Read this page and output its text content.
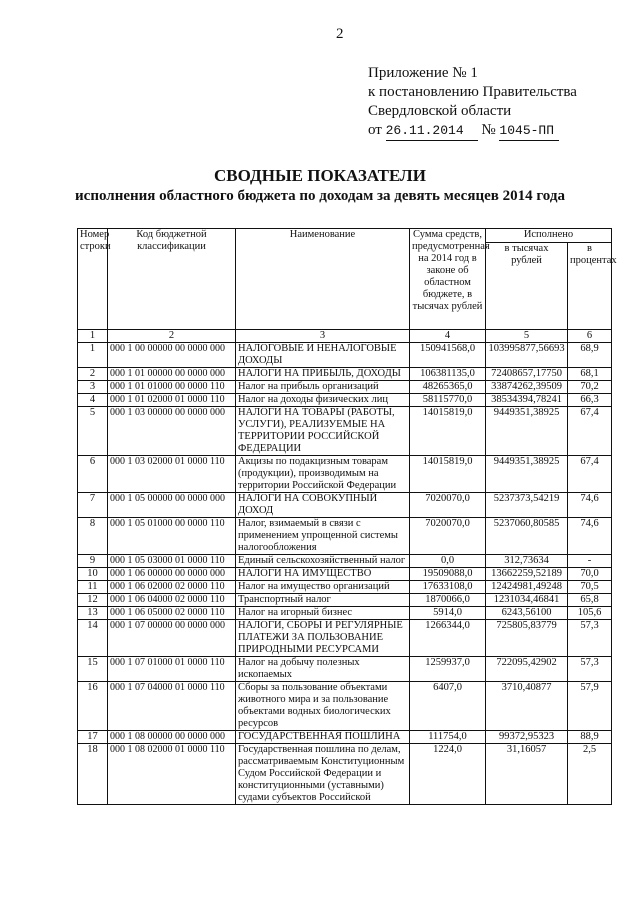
2
Приложение № 1
к постановлению Правительства
Свердловской области
от 26.11.2014 № 1045-ПП
СВОДНЫЕ ПОКАЗАТЕЛИ
исполнения областного бюджета по доходам за девять месяцев 2014 года
Номер строки	Код бюджетной классификации	Наименование	Сумма средств, предусмотренная на 2014 год в законе об областном бюджете, в тысячах рублей	Исполнено	
				в тысячах рублей	в процентах
1	2	3	4	5	6
1	000 1 00 00000 00 0000 000	НАЛОГОВЫЕ И НЕНАЛОГОВЫЕ ДОХОДЫ	150941568,0	103995877,56693	68,9
2	000 1 01 00000 00 0000 000	НАЛОГИ НА ПРИБЫЛЬ, ДОХОДЫ	106381135,0	72408657,17750	68,1
3	000 1 01 01000 00 0000 110	Налог на прибыль организаций	48265365,0	33874262,39509	70,2
4	000 1 01 02000 01 0000 110	Налог на доходы физических лиц	58115770,0	38534394,78241	66,3
5	000 1 03 00000 00 0000 000	НАЛОГИ НА ТОВАРЫ (РАБОТЫ, УСЛУГИ), РЕАЛИЗУЕМЫЕ НА ТЕРРИТОРИИ РОССИЙСКОЙ ФЕДЕРАЦИИ	14015819,0	9449351,38925	67,4
6	000 1 03 02000 01 0000 110	Акцизы по подакцизным товарам (продукции), производимым на территории Российской Федерации	14015819,0	9449351,38925	67,4
7	000 1 05 00000 00 0000 000	НАЛОГИ НА СОВОКУПНЫЙ ДОХОД	7020070,0	5237373,54219	74,6
8	000 1 05 01000 00 0000 110	Налог, взимаемый в связи с применением упрощенной системы налогообложения	7020070,0	5237060,80585	74,6
9	000 1 05 03000 01 0000 110	Единый сельскохозяйственный налог	0,0	312,73634	-
10	000 1 06 00000 00 0000 000	НАЛОГИ НА ИМУЩЕСТВО	19509088,0	13662259,52189	70,0
11	000 1 06 02000 02 0000 110	Налог на имущество организаций	17633108,0	12424981,49248	70,5
12	000 1 06 04000 02 0000 110	Транспортный налог	1870066,0	1231034,46841	65,8
13	000 1 06 05000 02 0000 110	Налог на игорный бизнес	5914,0	6243,56100	105,6
14	000 1 07 00000 00 0000 000	НАЛОГИ, СБОРЫ И РЕГУЛЯРНЫЕ ПЛАТЕЖИ ЗА ПОЛЬЗОВАНИЕ ПРИРОДНЫМИ РЕСУРСАМИ	1266344,0	725805,83779	57,3
15	000 1 07 01000 01 0000 110	Налог на добычу полезных ископаемых	1259937,0	722095,42902	57,3
16	000 1 07 04000 01 0000 110	Сборы за пользование объектами животного мира и за пользование объектами водных биологических ресурсов	6407,0	3710,40877	57,9
17	000 1 08 00000 00 0000 000	ГОСУДАРСТВЕННАЯ ПОШЛИНА	111754,0	99372,95323	88,9
18	000 1 08 02000 01 0000 110	Государственная пошлина по делам, рассматриваемым Конституционным Судом Российской Федерации и конституционными (уставными) судами субъектов Российской	1224,0	31,16057	2,5
